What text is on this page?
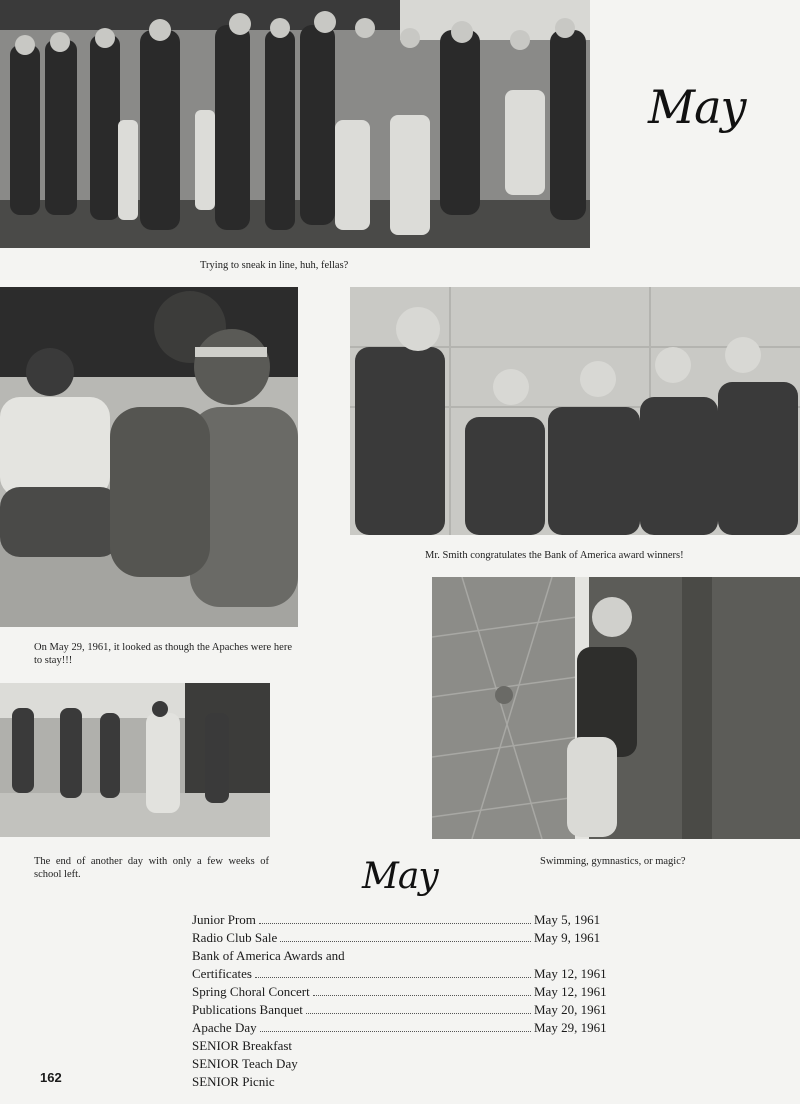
Trying to sneak in line, huh, fellas?
May
On May 29, 1961, it looked as though the Apaches were here to stay!!!
Mr. Smith congratulates the Bank of America award winners!
The end of another day with only a few weeks of school left.
Swimming, gymnastics, or magic?
May
Junior Prom	May 5, 1961
Radio Club Sale	May 9, 1961
Bank of America Awards and
Certificates	May 12, 1961
Spring Choral Concert	May 12, 1961
Publications Banquet	May 20, 1961
Apache Day	May 29, 1961
SENIOR Breakfast
SENIOR Teach Day
SENIOR Picnic
162
